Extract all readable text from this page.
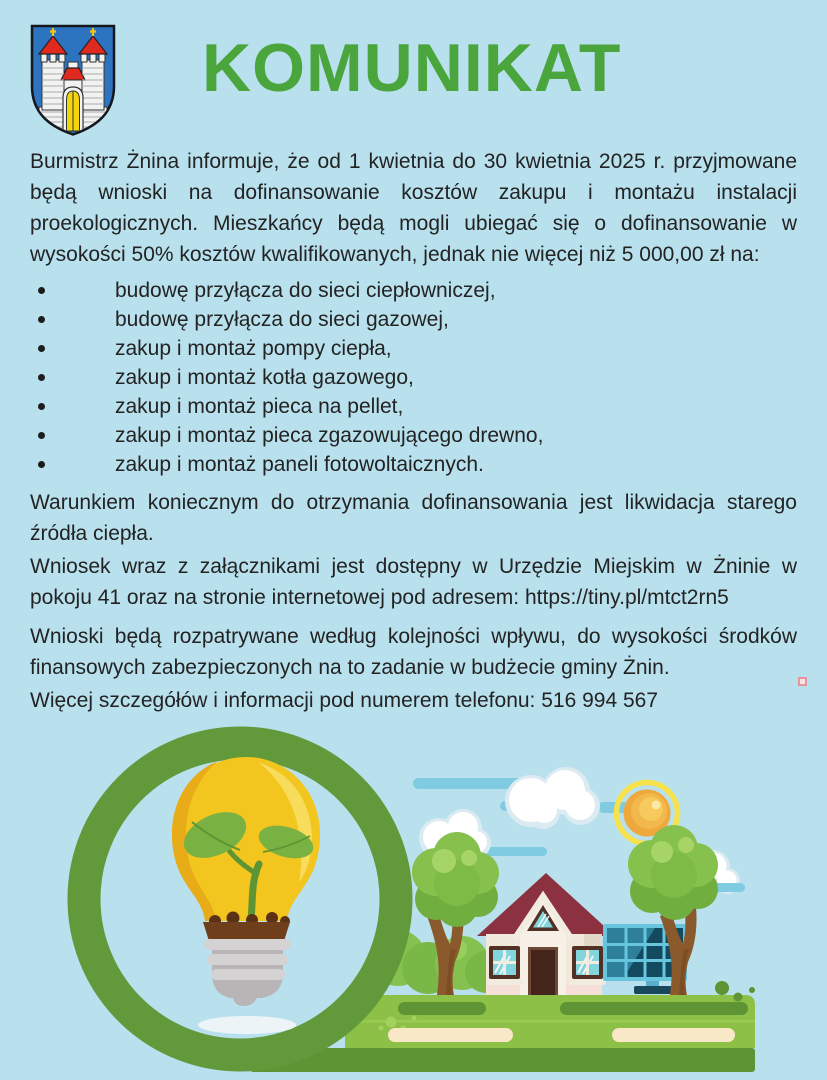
KOMUNIKAT

Burmistrz Żnina informuje, że od 1 kwietnia do 30 kwietnia 2025 r. przyjmowane będą wnioski na dofinansowanie kosztów zakupu i montażu instalacji proekologicznych. Mieszkańcy będą mogli ubiegać się o dofinansowanie w wysokości 50% kosztów kwalifikowanych, jednak nie więcej niż 5 000,00 zł na:

budowę przyłącza do sieci ciepłowniczej,
budowę przyłącza do sieci gazowej,
zakup i montaż pompy ciepła,
zakup i montaż kotła gazowego,
zakup i montaż pieca na pellet,
zakup i montaż pieca zgazowującego drewno,
zakup i montaż paneli fotowoltaicznych.

Warunkiem koniecznym do otrzymania dofinansowania jest likwidacja starego źródła ciepła.

Wniosek wraz z załącznikami jest dostępny w Urzędzie Miejskim w Żninie w pokoju 41 oraz na stronie internetowej pod adresem: https://tiny.pl/mtct2rn5

Wnioski będą rozpatrywane według kolejności wpływu, do wysokości środków finansowych zabezpieczonych na to zadanie w budżecie gminy Żnin.

Więcej szczegółów i informacji pod numerem telefonu: 516 994 567
